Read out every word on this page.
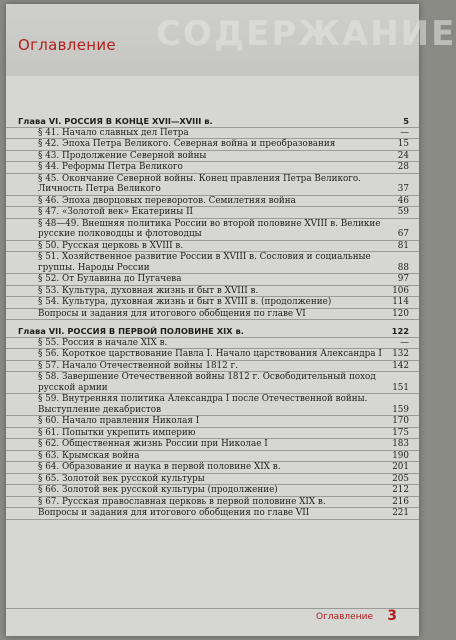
СОДЕРЖАНИЕ
Оглавление
Глава VI. РОССИЯ В КОНЦЕ XVII—XVIII в.	5
§ 41. Начало славных дел Петра	—
§ 42. Эпоха Петра Великого. Северная война и преобразования	15
§ 43. Продолжение Северной войны	24
§ 44. Реформы Петра Великого	28
§ 45. Окончание Северной войны. Конец правления Петра Великого. Личность Петра Великого	37
§ 46. Эпоха дворцовых переворотов. Семилетняя война	46
§ 47. «Золотой век» Екатерины II	59
§ 48—49. Внешняя политика России во второй половине XVIII в. Великие русские полководцы и флотоводцы	67
§ 50. Русская церковь в XVIII в.	81
§ 51. Хозяйственное развитие России в XVIII в. Сословия и социальные группы. Народы России	88
§ 52. От Булавина до Пугачева	97
§ 53. Культура, духовная жизнь и быт в XVIII в.	106
§ 54. Культура, духовная жизнь и быт в XVIII в. (продолжение)	114
Вопросы и задания для итогового обобщения по главе VI	120
Глава VII. РОССИЯ В ПЕРВОЙ ПОЛОВИНЕ XIX в.	122
§ 55. Россия в начале XIX в.	—
§ 56. Короткое царствование Павла I. Начало царствования Александра I	132
§ 57. Начало Отечественной войны 1812 г.	142
§ 58. Завершение Отечественной войны 1812 г. Освободительный поход русской армии	151
§ 59. Внутренняя политика Александра I после Отечественной войны. Выступление декабристов	159
§ 60. Начало правления Николая I	170
§ 61. Попытки укрепить империю	175
§ 62. Общественная жизнь России при Николае I	183
§ 63. Крымская война	190
§ 64. Образование и наука в первой половине XIX в.	201
§ 65. Золотой век русской культуры	205
§ 66. Золотой век русской культуры (продолжение)	212
§ 67. Русская православная церковь в первой половине XIX в.	216
Вопросы и задания для итогового обобщения по главе VII	221
Оглавление 3
